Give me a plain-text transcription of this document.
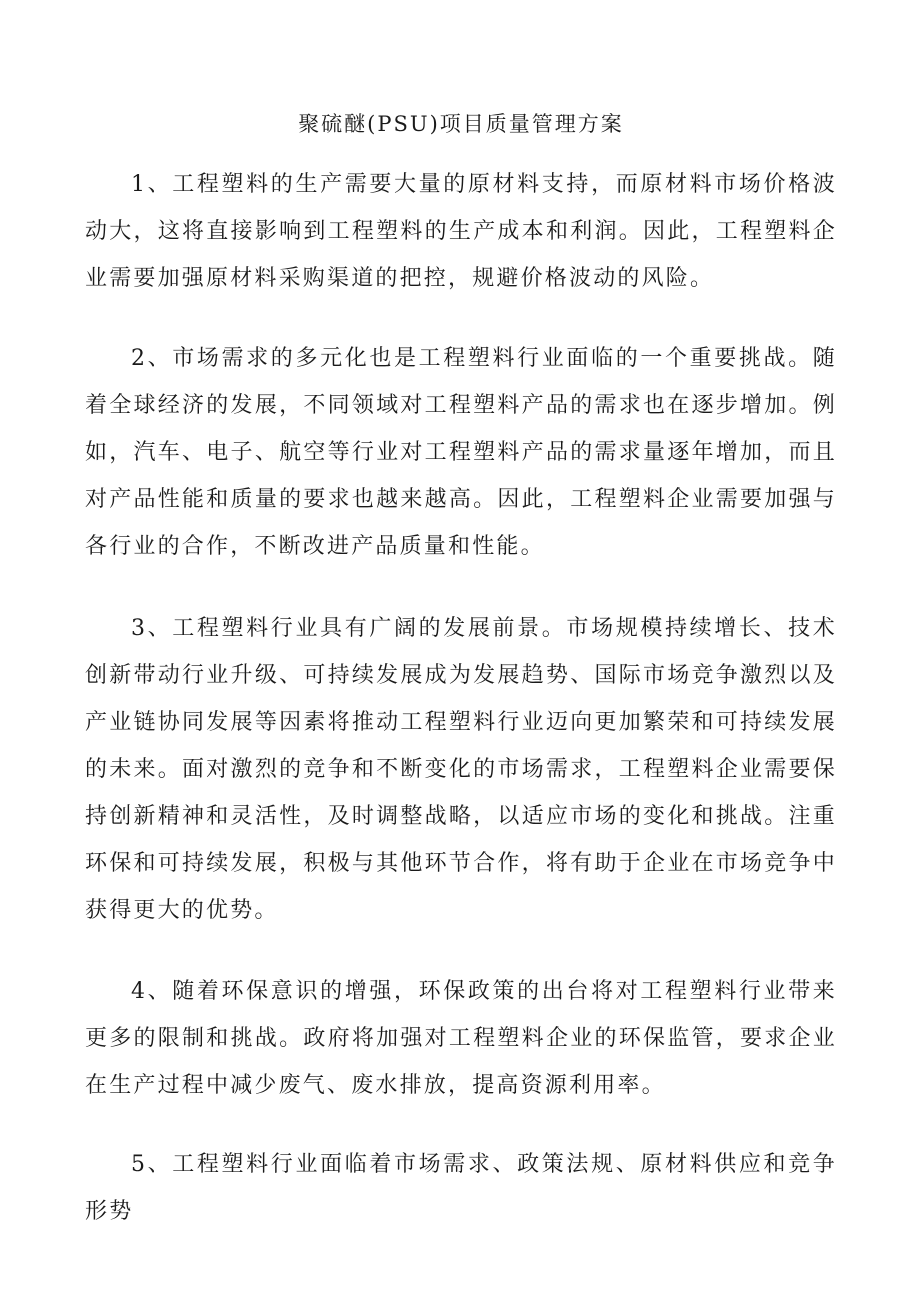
聚硫醚(PSU)项目质量管理方案

1、工程塑料的生产需要大量的原材料支持，而原材料市场价格波动大，这将直接影响到工程塑料的生产成本和利润。因此，工程塑料企业需要加强原材料采购渠道的把控，规避价格波动的风险。

2、市场需求的多元化也是工程塑料行业面临的一个重要挑战。随着全球经济的发展，不同领域对工程塑料产品的需求也在逐步增加。例如，汽车、电子、航空等行业对工程塑料产品的需求量逐年增加，而且对产品性能和质量的要求也越来越高。因此，工程塑料企业需要加强与各行业的合作，不断改进产品质量和性能。

3、工程塑料行业具有广阔的发展前景。市场规模持续增长、技术创新带动行业升级、可持续发展成为发展趋势、国际市场竞争激烈以及产业链协同发展等因素将推动工程塑料行业迈向更加繁荣和可持续发展的未来。面对激烈的竞争和不断变化的市场需求，工程塑料企业需要保持创新精神和灵活性，及时调整战略，以适应市场的变化和挑战。注重环保和可持续发展，积极与其他环节合作，将有助于企业在市场竞争中获得更大的优势。

4、随着环保意识的增强，环保政策的出台将对工程塑料行业带来更多的限制和挑战。政府将加强对工程塑料企业的环保监管，要求企业在生产过程中减少废气、废水排放，提高资源利用率。

5、工程塑料行业面临着市场需求、政策法规、原材料供应和竞争形势
